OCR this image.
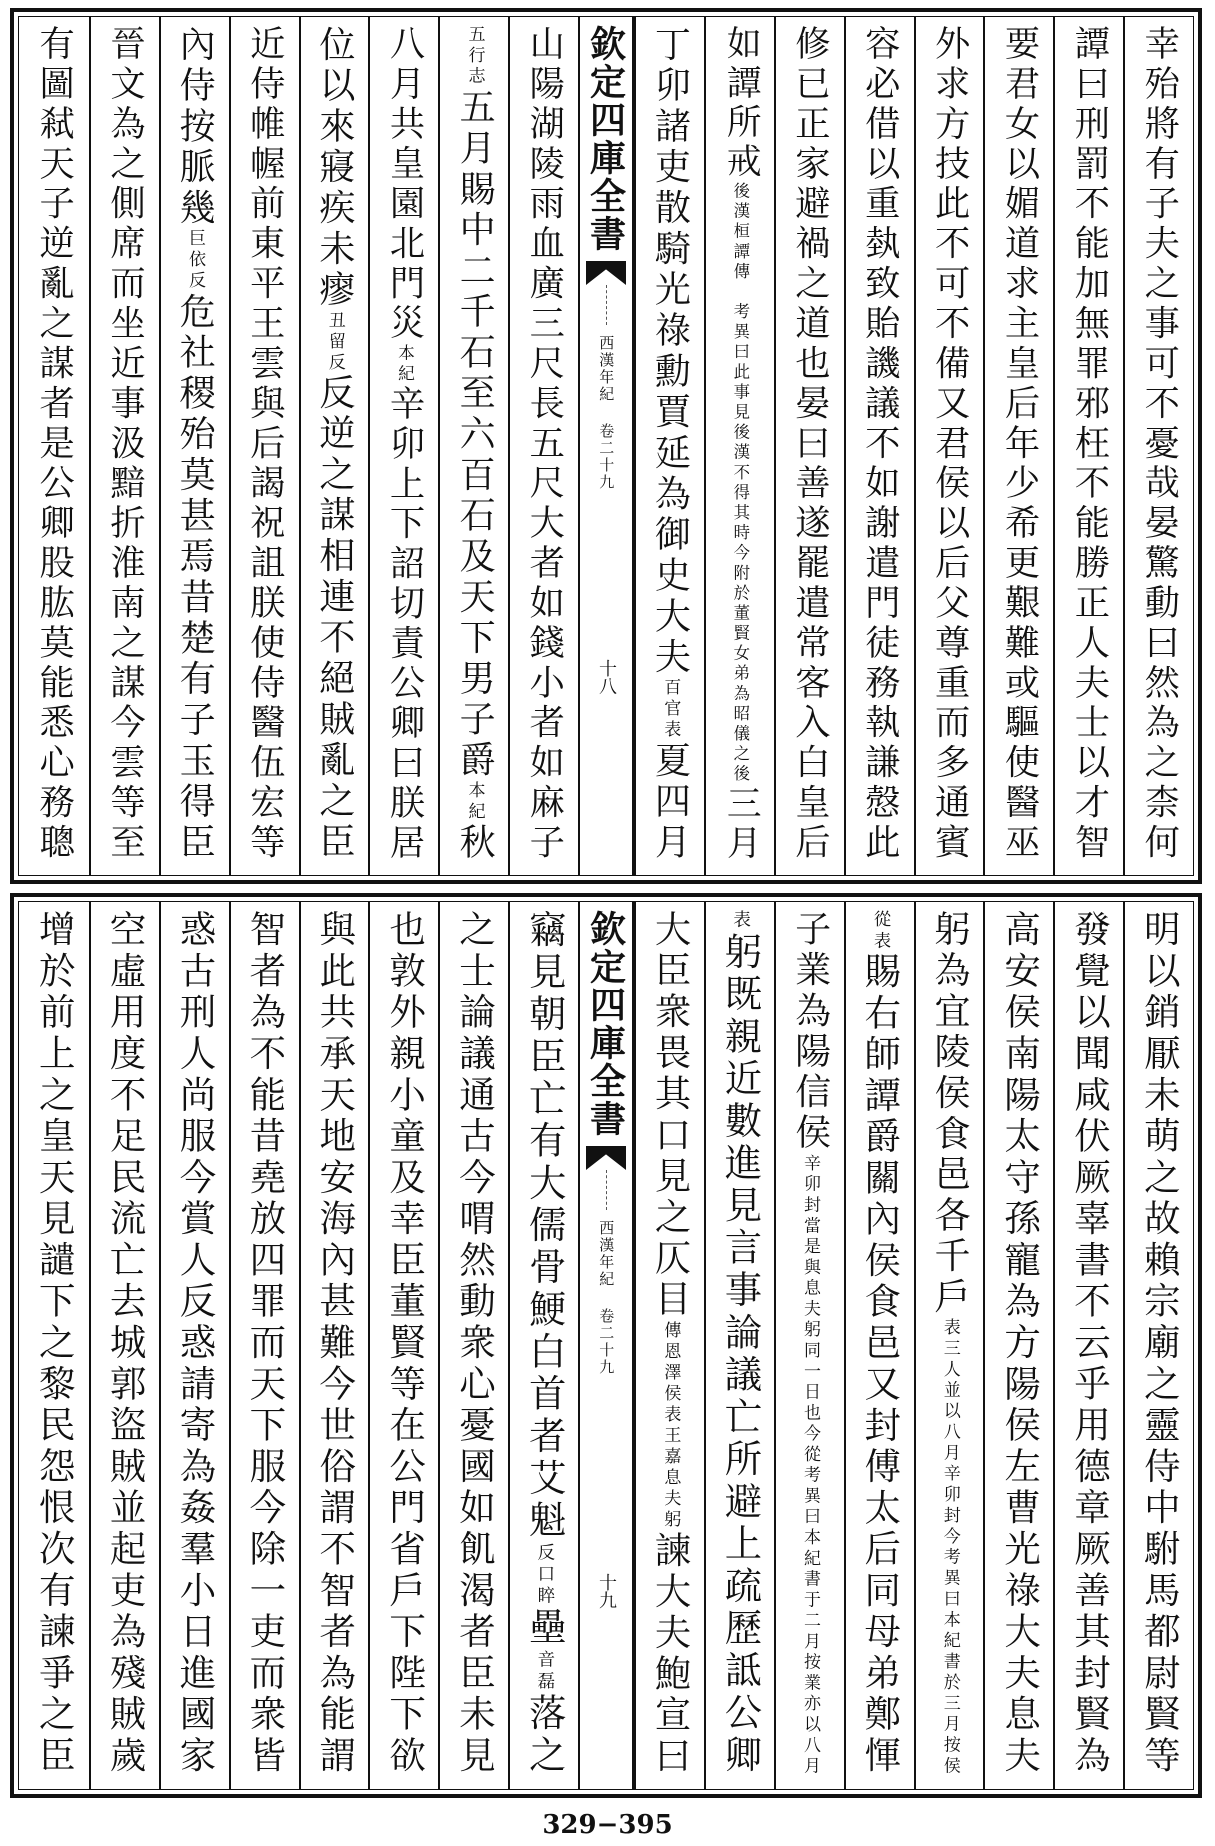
幸殆將有子夫之事可不憂哉晏驚動曰然為之柰何
譚曰刑罰不能加無罪邪枉不能勝正人夫士以才智
要君女以媚道求主皇后年少希更艱難或驅使醫巫
外求方技此不可不備又君侯以后父尊重而多通賓
容必借以重埶致貽譏議不如謝遣門徒務執謙慤此
修已正家避禍之道也晏曰善遂罷遣常客入白皇后
如譚所戒
後漢桓譚傳　考異曰此事見後漢不得其時今附於董賢女弟為昭儀之後
三月
丁卯諸吏散騎光祿勳賈延為御史大夫
百官表
夏四月
欽定四庫全書
西漢年紀 卷二十九
十八
山陽湖陵雨血廣三尺長五尺大者如錢小者如麻子
五行志
五月賜中二千石至六百石及天下男子爵
本紀
秋
八月共皇園北門災
本紀
辛卯上下詔切責公卿曰朕居
位以來寢疾未瘳
丑留反
反逆之謀相連不絕賊亂之臣
近侍帷幄前東平王雲與后謁祝詛朕使侍醫伍宏等
內侍按脈幾
巨依反
危社稷殆莫甚焉昔楚有子玉得臣
晉文為之側席而坐近事汲黯折淮南之謀今雲等至
有圖弒天子逆亂之謀者是公卿股肱莫能悉心務聰
明以銷厭未萌之故賴宗廟之靈侍中駙馬都尉賢等
發覺以聞咸伏厥辜書不云乎用德章厥善其封賢為
高安侯南陽太守孫寵為方陽侯左曹光祿大夫息夫
躬為宜陵侯食邑各千戶
表三人並以八月辛卯封今考異曰本紀書於三月按侯
從表
賜右師譚爵關內侯食邑又封傅太后同母弟鄭惲
子業為陽信侯
辛卯封當是與息夫躬同一日也今從考異曰本紀書于二月按業亦以八月
表
躬既親近數進見言事論議亡所避上疏歷詆公卿
大臣衆畏其口見之仄目
傳恩澤侯表王嘉息夫躬
諫大夫鮑宣曰
欽定四庫全書
西漢年紀 卷二十九
十九
竊見朝臣亡有大儒骨鯁白首者艾魁
反口睟
壘
音磊
落之
之士論議通古今喟然動衆心憂國如飢渴者臣未見
也敦外親小童及幸臣董賢等在公門省戶下陛下欲
與此共承天地安海內甚難今世俗謂不智者為能謂
智者為不能昔堯放四罪而天下服今除一吏而衆皆
惑古刑人尚服今賞人反惑請寄為姦羣小日進國家
空虛用度不足民流亡去城郭盜賊並起吏為殘賊歲
增於前上之皇天見譴下之黎民怨恨次有諫爭之臣
329−395
